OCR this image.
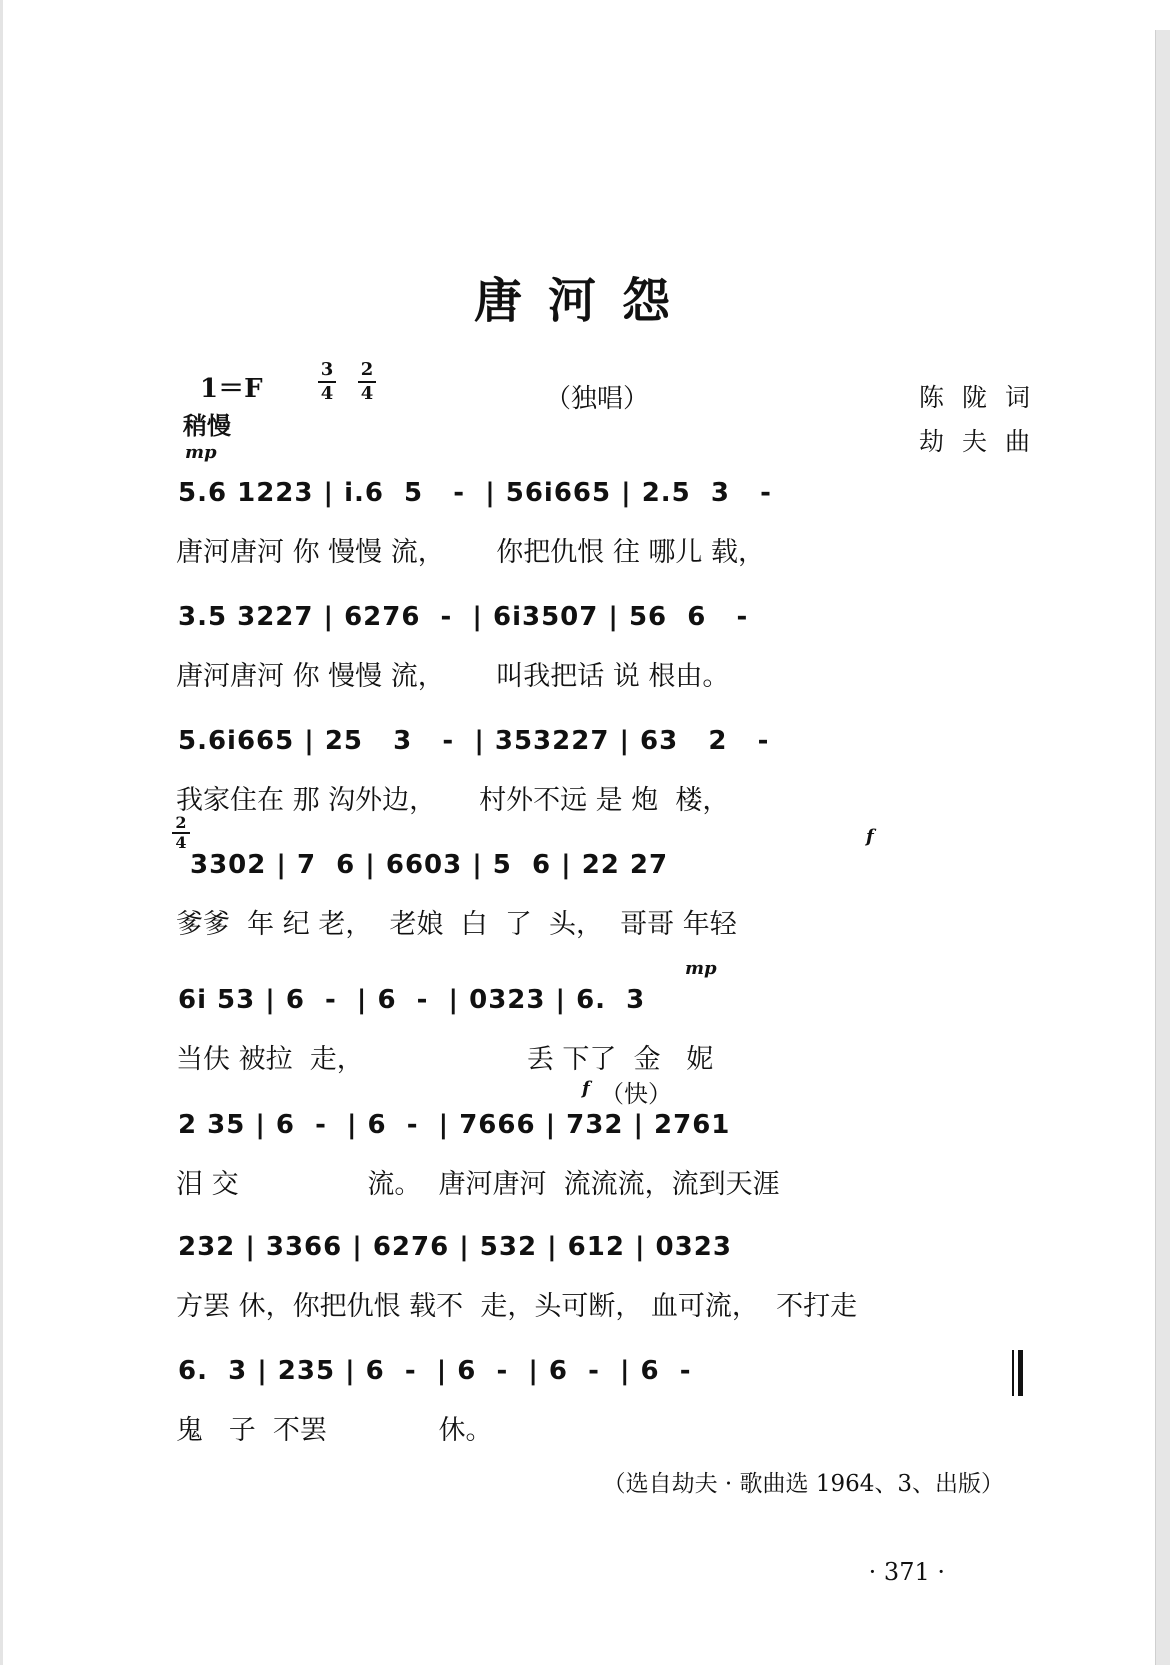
唐河怨
1＝F
3
4
2
4	（独唱）	陈陇词
劫夫曲
稍慢
mp
5.6 1223 | i.6  5   -  | 56i665 | 2.5  3   -
唐河唐河 你 慢慢 流，      你把仇恨 往 哪儿 载，
3.5 3227 | 6276  -  | 6i3507 | 56  6   -
唐河唐河 你 慢慢 流，      叫我把话 说 根由。
5.6i665 | 25   3   -  | 353227 | 63   2   -
我家住在 那 沟外边，     村外不远 是 炮  楼，
2
4	f
3302 | 7  6 | 6603 | 5  6 | 22 27
爹爹  年 纪 老，  老娘  白  了  头，  哥哥 年轻
mp
6i 53 | 6  -  | 6  -  | 0323 | 6.  3
当伕 被拉  走，                   丢 下了  金   妮
f （快）
2 35 | 6  -  | 6  -  | 7666 | 732 | 2761
泪 交               流。  唐河唐河  流流流，流到天涯
232 | 3366 | 6276 | 532 | 612 | 0323
方罢 休，你把仇恨 载不  走，头可断， 血可流，  不打走
6.  3 | 235 | 6  -  | 6  -  | 6  -  | 6  -
鬼   子  不罢             休。
（选自劫夫 · 歌曲选 1964、3、出版）
· 371 ·
